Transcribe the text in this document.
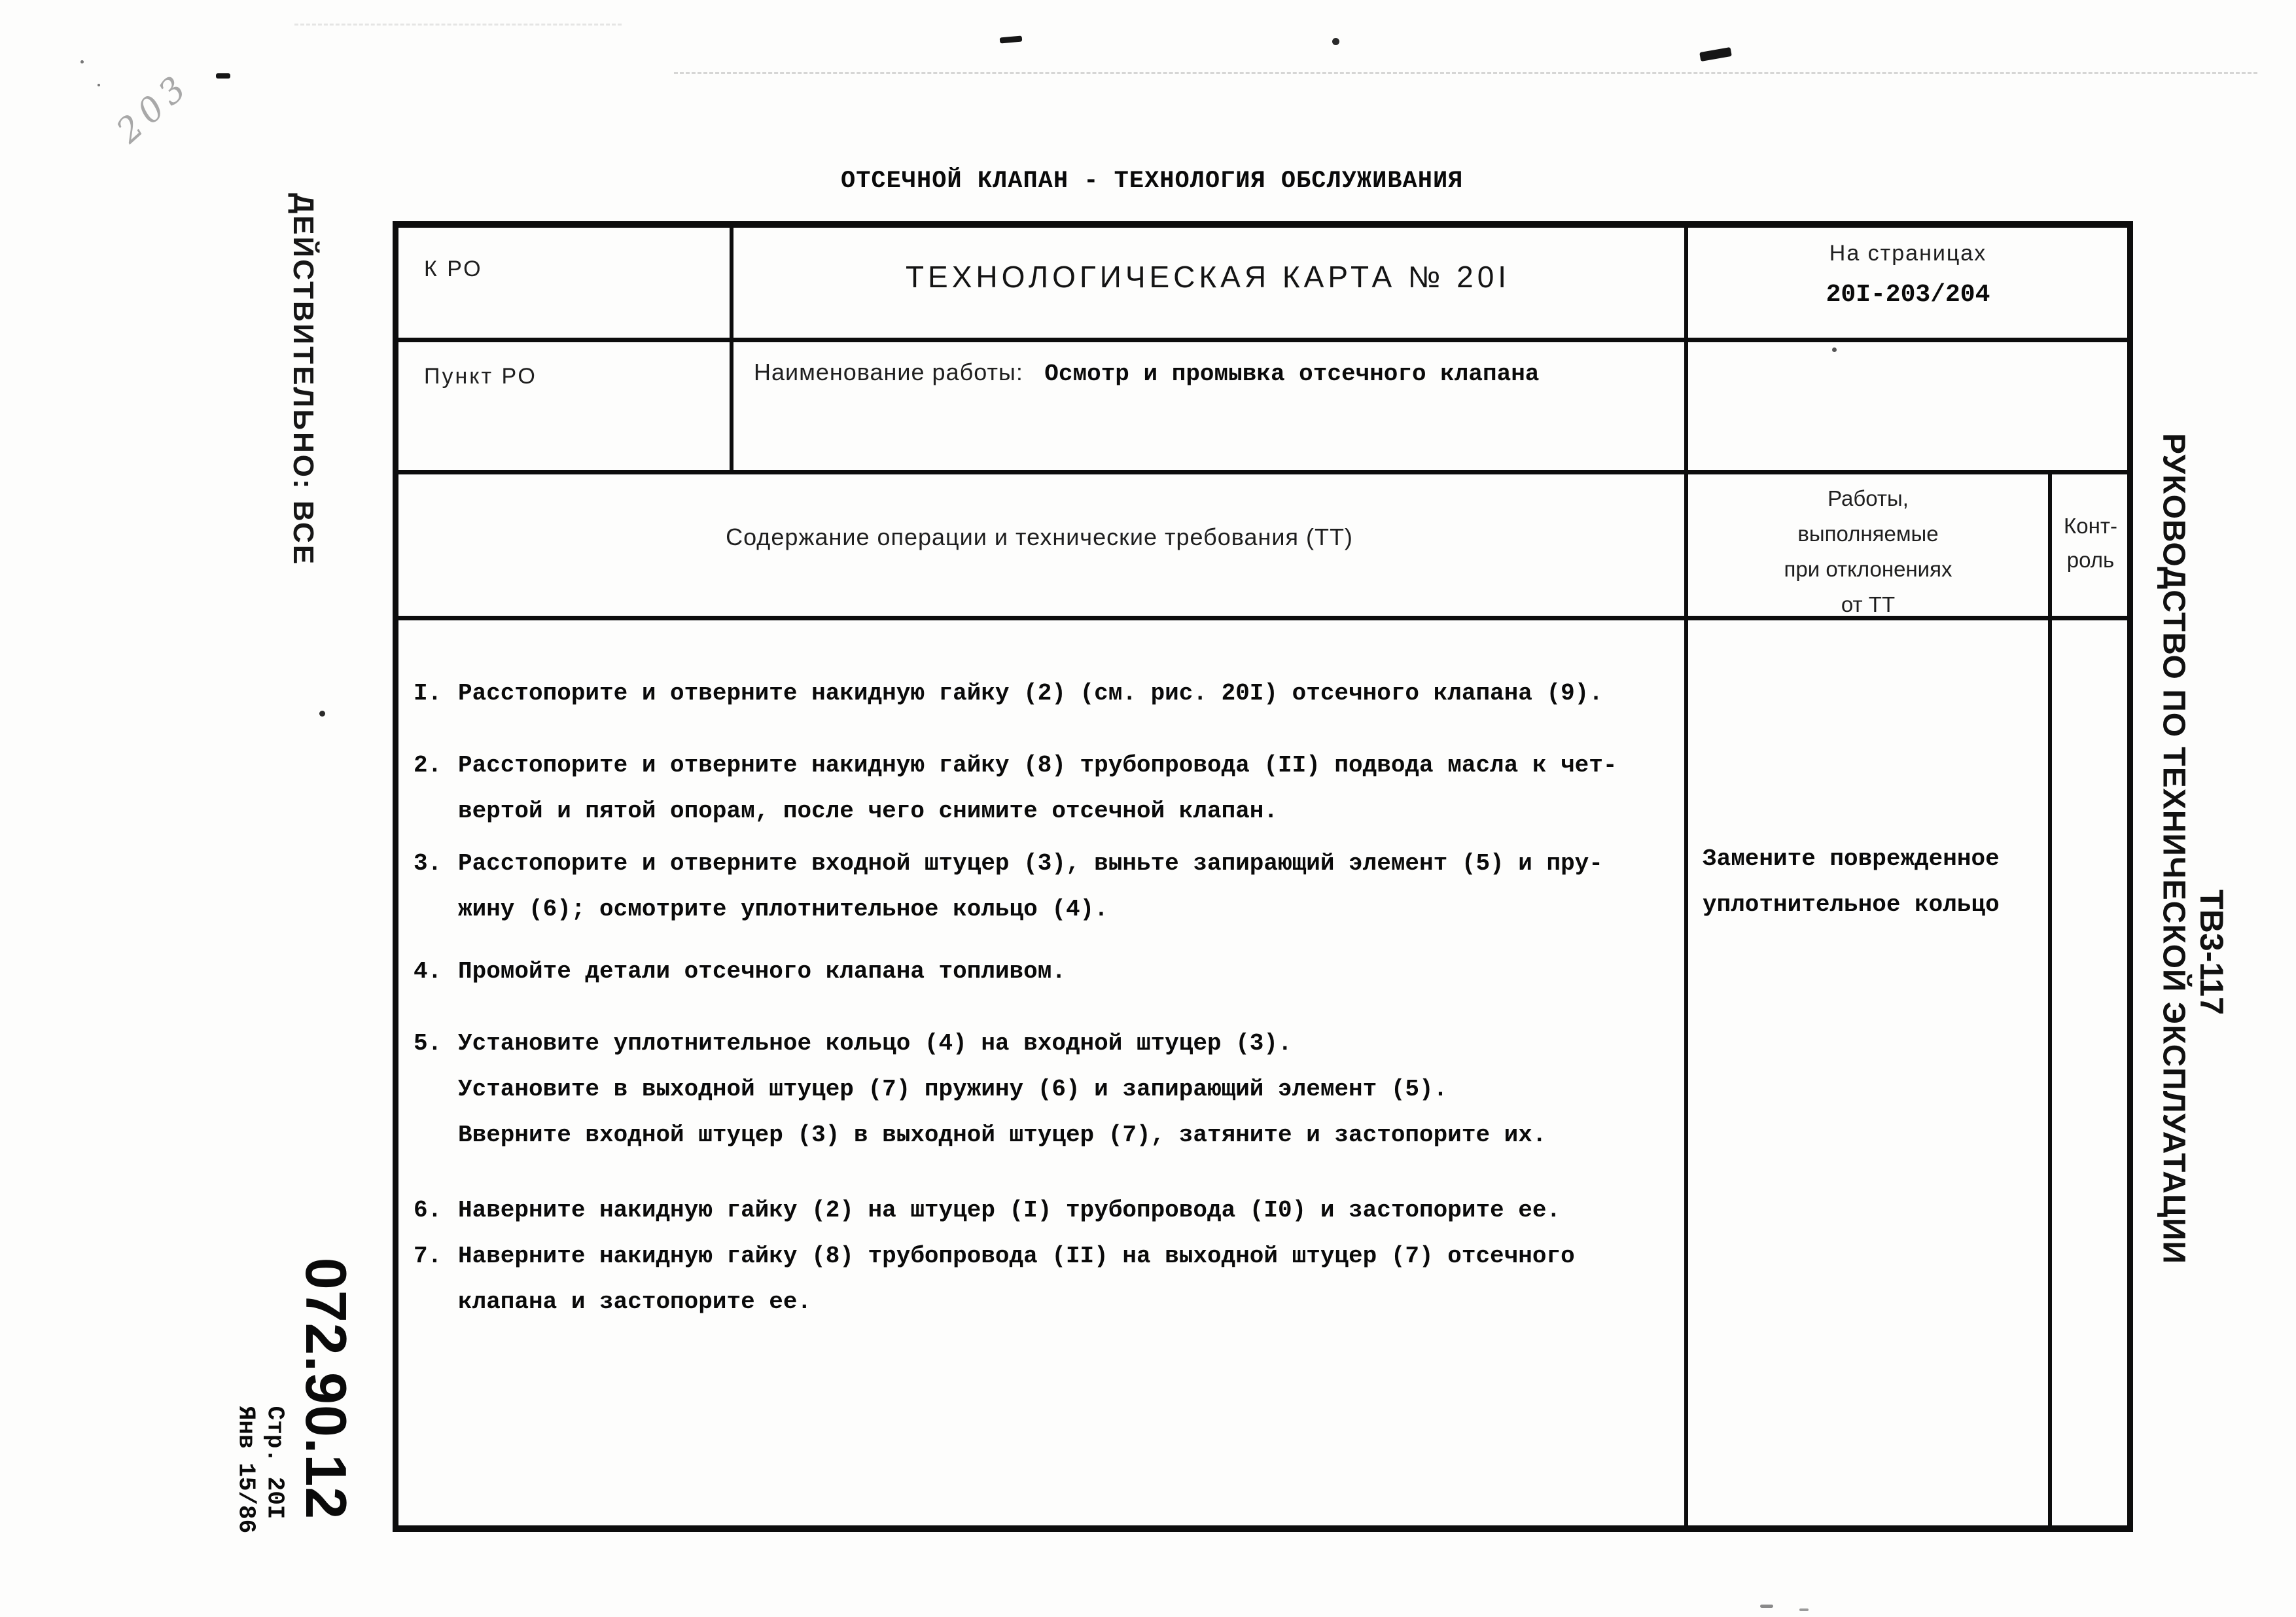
203
ДЕЙСТВИТЕЛЬНО: ВСЕ
ТВ3-117
РУКОВОДСТВО ПО ТЕХНИЧЕСКОЙ ЭКСПЛУАТАЦИИ
072.90.12
Стр. 20I
Янв 15/86
ОТСЕЧНОЙ КЛАПАН - ТЕХНОЛОГИЯ ОБСЛУЖИВАНИЯ
К РО	ТЕХНОЛОГИЧЕСКАЯ КАРТА № 20I
На страницах
20I-203/204
Пункт РО	Наименование работы: Осмотр и промывка отсечного клапана
Содержание операции и технические требования (ТТ)
Работы,
выполняемые
при отклонениях
от ТТ
Конт-
роль
I. Расстопорите и отверните накидную гайку (2) (см. рис. 20I) отсечного клапана (9).
2. Расстопорите и отверните накидную гайку (8) трубопровода (II) подвода масла к чет-
вертой и пятой опорам, после чего снимите отсечной клапан.
3. Расстопорите и отверните входной штуцер (3), выньте запирающий элемент (5) и пру-
жину (6); осмотрите уплотнительное кольцо (4).
4. Промойте детали отсечного клапана топливом.
5. Установите уплотнительное кольцо (4) на входной штуцер (3).
Установите в выходной штуцер (7) пружину (6) и запирающий элемент (5).
Вверните входной штуцер (3) в выходной штуцер (7), затяните и застопорите их.
6. Наверните накидную гайку (2) на штуцер (I) трубопровода (I0) и застопорите ее.
7. Наверните накидную гайку (8) трубопровода (II) на выходной штуцер (7) отсечного
клапана и застопорите ее.
Замените поврежденное
уплотнительное кольцо
